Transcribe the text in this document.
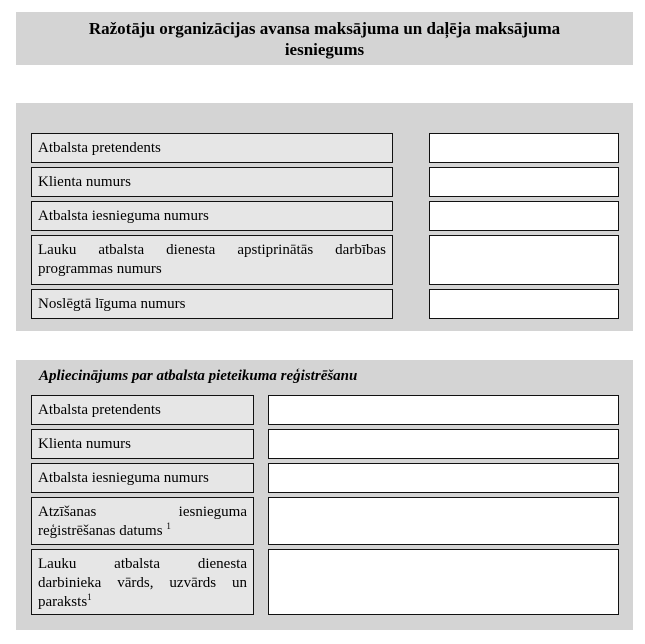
Ražotāju organizācijas avansa maksājuma un daļēja maksājuma iesniegums
Atbalsta pretendents
Klienta numurs
Atbalsta iesnieguma numurs
Lauku atbalsta dienesta apstiprinātās darbības
programmas numurs
Noslēgtā līguma numurs
Apliecinājums par atbalsta pieteikuma reģistrēšanu
Atbalsta pretendents
Klienta numurs
Atbalsta iesnieguma numurs
Atzīšanas iesnieguma
reģistrēšanas datums $^1$
Lauku atbalsta dienesta
darbinieka vārds, uzvārds un
paraksts$^1$
